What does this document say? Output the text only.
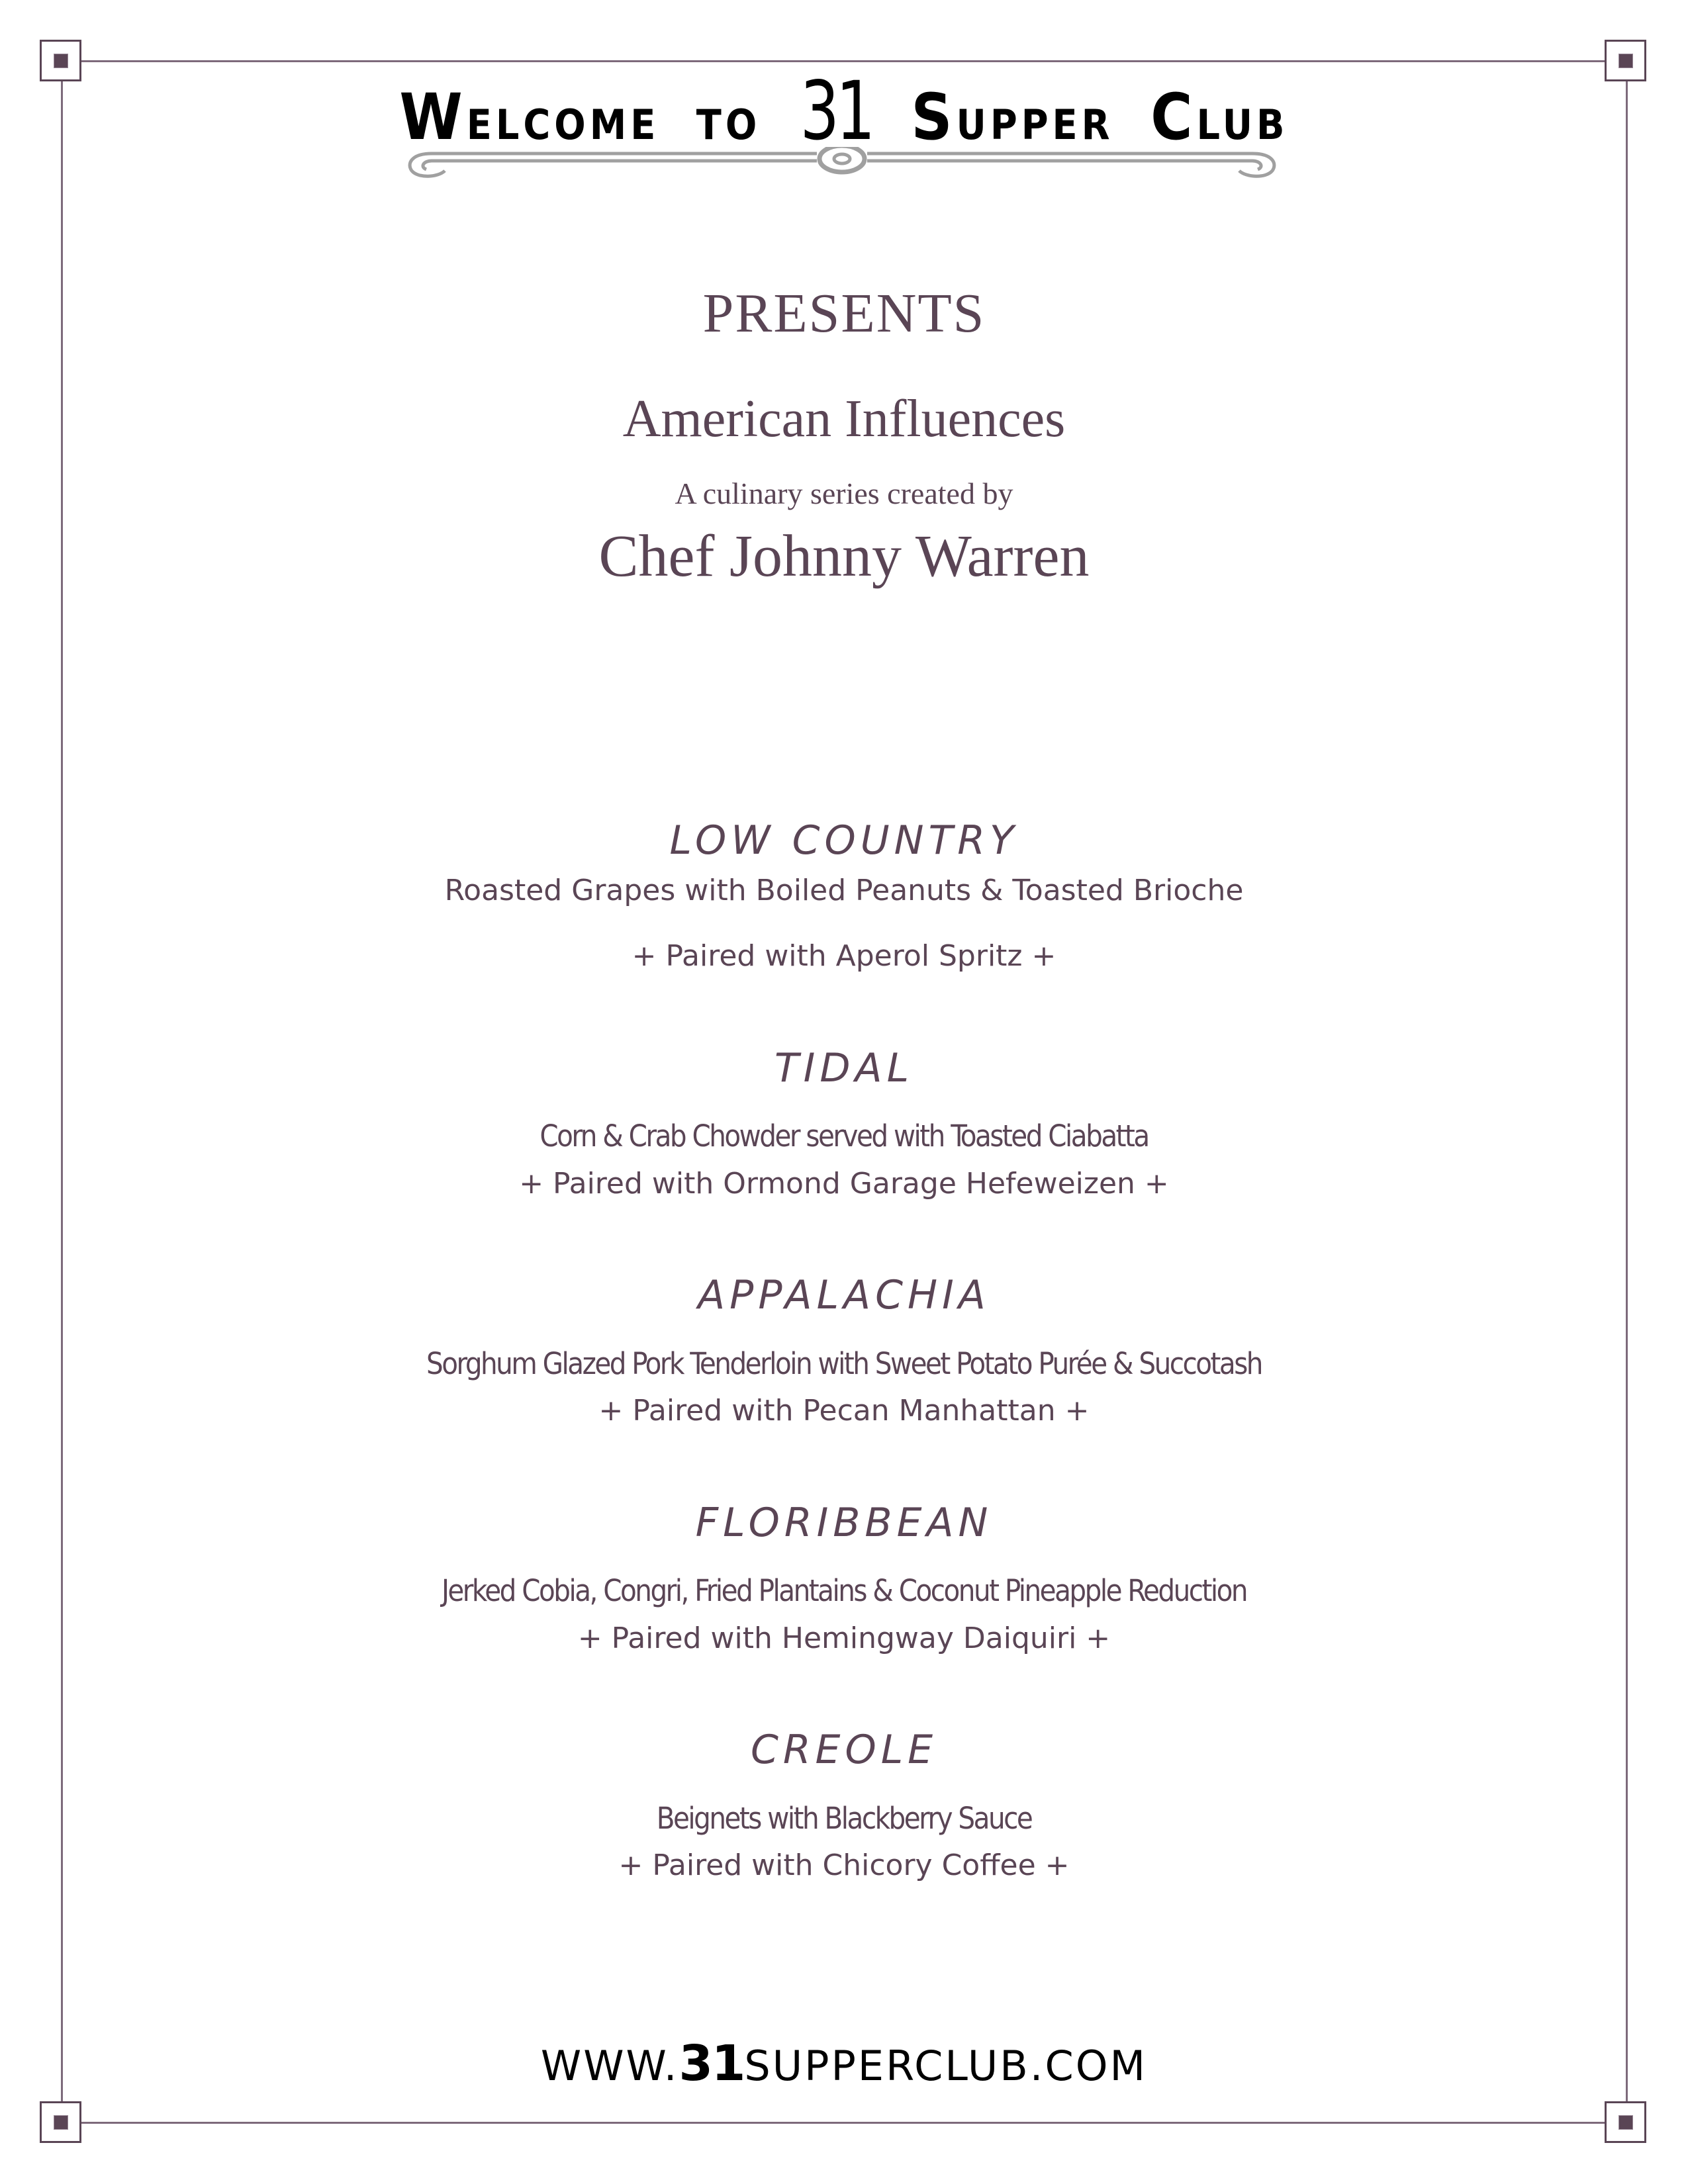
WELCOME TO 31 SUPPER CLUB
PRESENTS
American Influences
A culinary series created by
Chef Johnny Warren
LOW COUNTRY
Roasted Grapes with Boiled Peanuts & Toasted Brioche
+ Paired with Aperol Spritz +
TIDAL
Corn & Crab Chowder served with Toasted Ciabatta
+ Paired with Ormond Garage Hefeweizen +
APPALACHIA
Sorghum Glazed Pork Tenderloin with Sweet Potato Purée & Succotash
+ Paired with Pecan Manhattan +
FLORIBBEAN
Jerked Cobia, Congri, Fried Plantains & Coconut Pineapple Reduction
+ Paired with Hemingway Daiquiri +
CREOLE
Beignets with Blackberry Sauce
+ Paired with Chicory Coffee +
WWW.31SUPPERCLUB.COM
